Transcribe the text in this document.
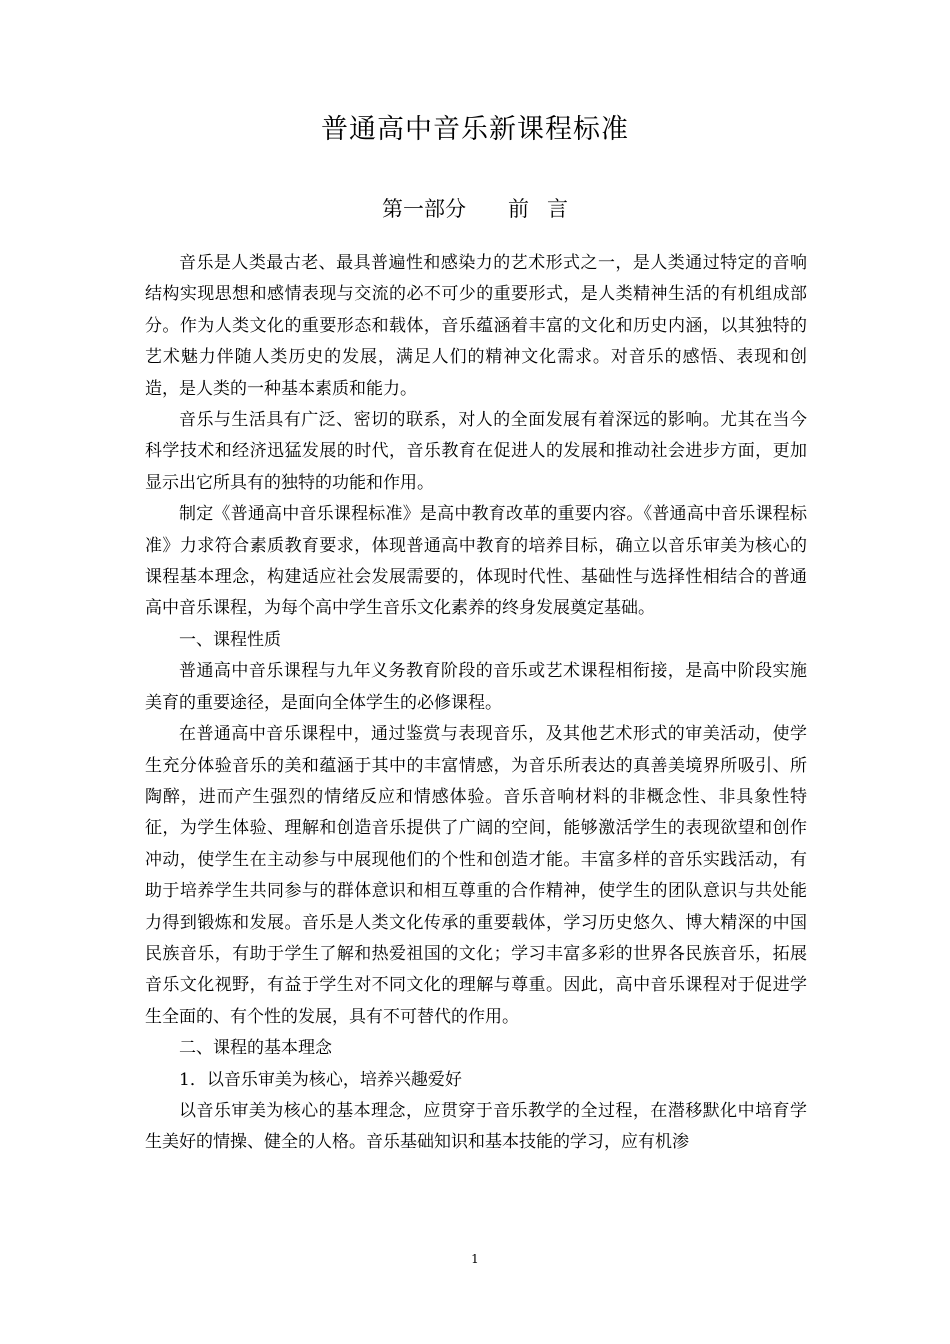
普通高中音乐新课程标准
第一部分 前言

音乐是人类最古老、最具普遍性和感染力的艺术形式之一，是人类通过特定的音响结构实现思想和感情表现与交流的必不可少的重要形式，是人类精神生活的有机组成部分。作为人类文化的重要形态和载体，音乐蕴涵着丰富的文化和历史内涵，以其独特的艺术魅力伴随人类历史的发展，满足人们的精神文化需求。对音乐的感悟、表现和创造，是人类的一种基本素质和能力。

音乐与生活具有广泛、密切的联系，对人的全面发展有着深远的影响。尤其在当今科学技术和经济迅猛发展的时代，音乐教育在促进人的发展和推动社会进步方面，更加显示出它所具有的独特的功能和作用。

制定《普通高中音乐课程标准》是高中教育改革的重要内容。《普通高中音乐课程标准》力求符合素质教育要求，体现普通高中教育的培养目标，确立以音乐审美为核心的课程基本理念，构建适应社会发展需要的，体现时代性、基础性与选择性相结合的普通高中音乐课程，为每个高中学生音乐文化素养的终身发展奠定基础。

一、课程性质

普通高中音乐课程与九年义务教育阶段的音乐或艺术课程相衔接，是高中阶段实施美育的重要途径，是面向全体学生的必修课程。

在普通高中音乐课程中，通过鉴赏与表现音乐，及其他艺术形式的审美活动，使学生充分体验音乐的美和蕴涵于其中的丰富情感，为音乐所表达的真善美境界所吸引、所陶醉，进而产生强烈的情绪反应和情感体验。音乐音响材料的非概念性、非具象性特征，为学生体验、理解和创造音乐提供了广阔的空间，能够激活学生的表现欲望和创作冲动，使学生在主动参与中展现他们的个性和创造才能。丰富多样的音乐实践活动，有助于培养学生共同参与的群体意识和相互尊重的合作精神，使学生的团队意识与共处能力得到锻炼和发展。音乐是人类文化传承的重要载体，学习历史悠久、博大精深的中国民族音乐，有助于学生了解和热爱祖国的文化；学习丰富多彩的世界各民族音乐，拓展音乐文化视野，有益于学生对不同文化的理解与尊重。因此，高中音乐课程对于促进学生全面的、有个性的发展，具有不可替代的作用。

二、课程的基本理念

1．以音乐审美为核心，培养兴趣爱好

以音乐审美为核心的基本理念，应贯穿于音乐教学的全过程，在潜移默化中培育学生美好的情操、健全的人格。音乐基础知识和基本技能的学习，应有机渗

1
